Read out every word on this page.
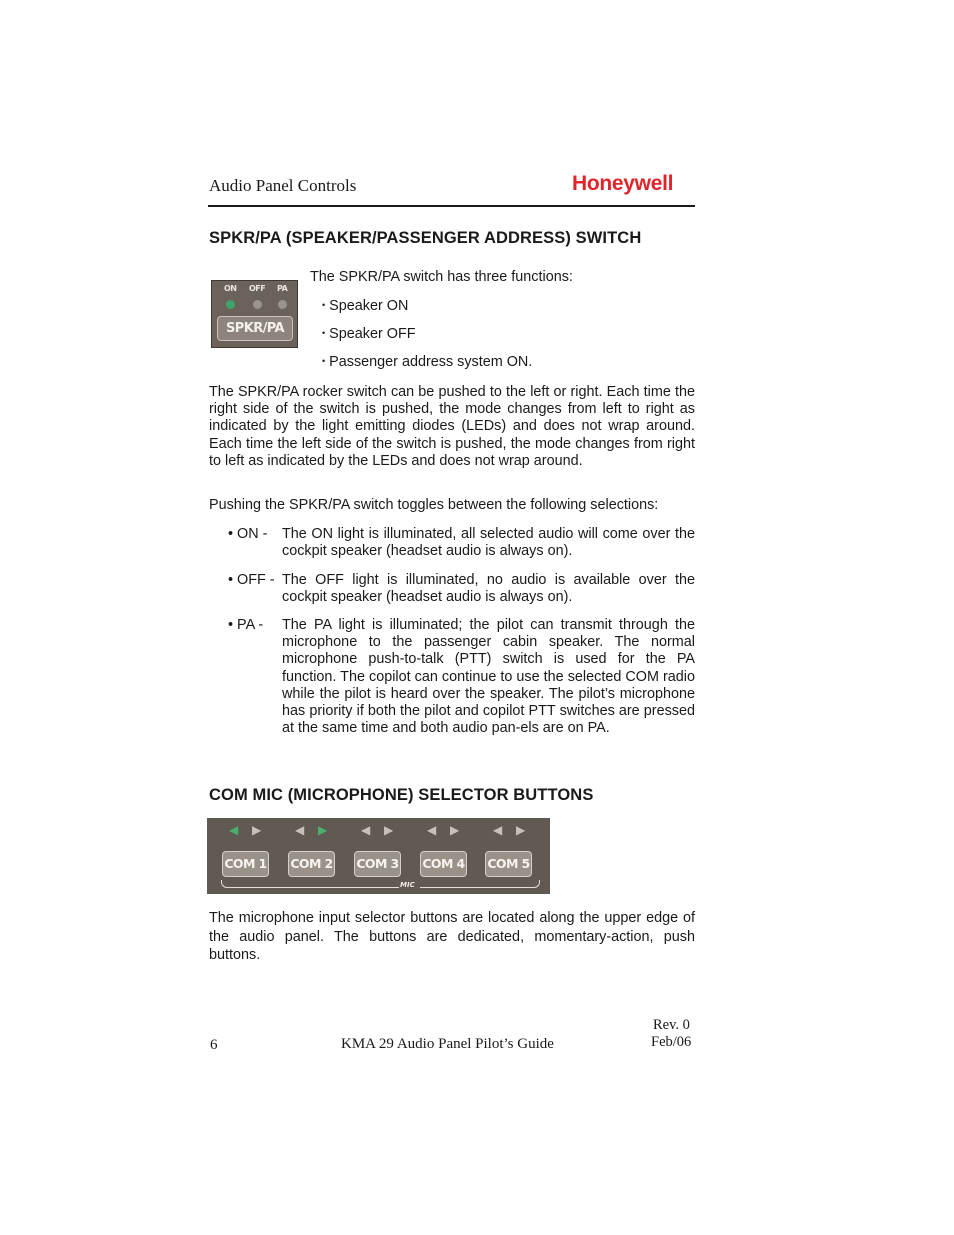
Audio Panel Controls	Honeywell
SPKR/PA (SPEAKER/PASSENGER ADDRESS) SWITCH
ON OFF PA
SPKR/PA
The SPKR/PA switch has three functions:
• Speaker ON
• Speaker OFF
• Passenger address system ON.
The SPKR/PA rocker switch can be pushed to the left or right. Each time the right side of the switch is pushed, the mode changes from left to right as indicated by the light emitting diodes (LEDs) and does not wrap around. Each time the left side of the switch is pushed, the mode changes from right to left as indicated by the LEDs and does not wrap around.
Pushing the SPKR/PA switch toggles between the following selections:
• ON - The ON light is illuminated, all selected audio will come over the cockpit speaker (headset audio is always on).
• OFF - The OFF light is illuminated, no audio is available over the cockpit speaker (headset audio is always on).
• PA - The PA light is illuminated; the pilot can transmit through the microphone to the passenger cabin speaker. The normal microphone push-to-talk (PTT) switch is used for the PA function. The copilot can continue to use the selected COM radio while the pilot is heard over the speaker. The pilot’s microphone has priority if both the pilot and copilot PTT switches are pressed at the same time and both audio pan-els are on PA.
COM MIC (MICROPHONE) SELECTOR BUTTONS
◀ ▶	◀ ▶	◀ ▶	◀ ▶	◀ ▶
COM 1 COM 2 COM 3 COM 4 COM 5
MIC
The microphone input selector buttons are located along the upper edge of the audio panel. The buttons are dedicated, momentary-action, push buttons.
6	KMA 29 Audio Panel Pilot’s Guide
Rev. 0
Feb/06
